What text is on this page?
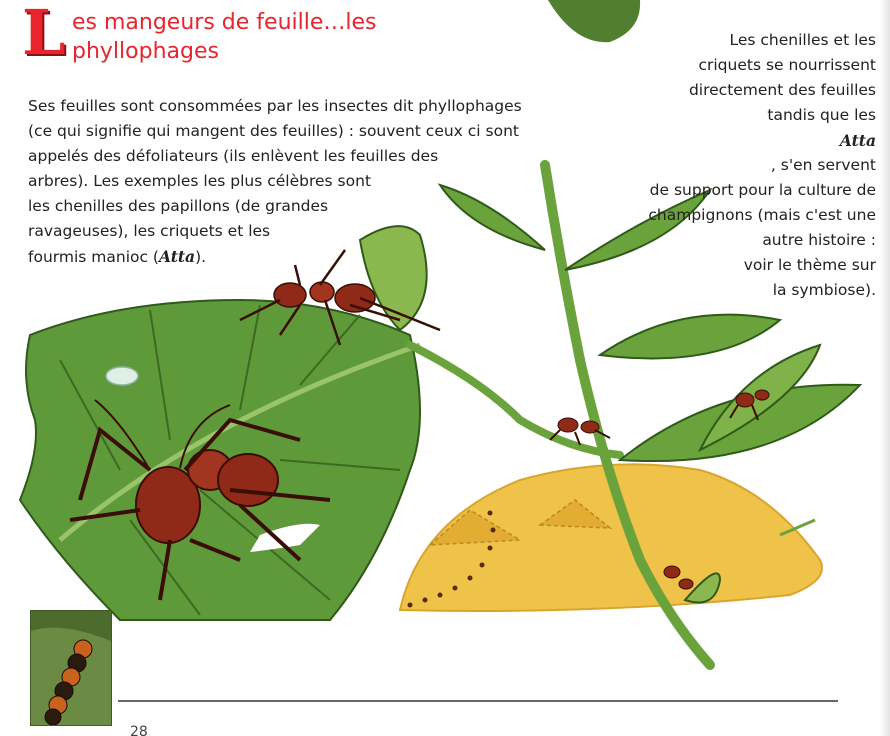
L es mangeurs de feuille…les
phyllophages
Ses feuilles sont consommées par les insectes dit phyllophages
(ce qui signifie qui mangent des feuilles) : souvent ceux ci sont
appelés des défoliateurs (ils enlèvent les feuilles des
arbres). Les exemples les plus célèbres sont
les chenilles des papillons (de grandes
ravageuses), les criquets et les
fourmis manioc (Atta).
Les chenilles et les
criquets se nourrissent
directement des feuilles
tandis que les
Atta
, s'en servent
de support pour la culture de
champignons (mais c'est une
autre histoire :
voir le thème sur
la symbiose).
28
